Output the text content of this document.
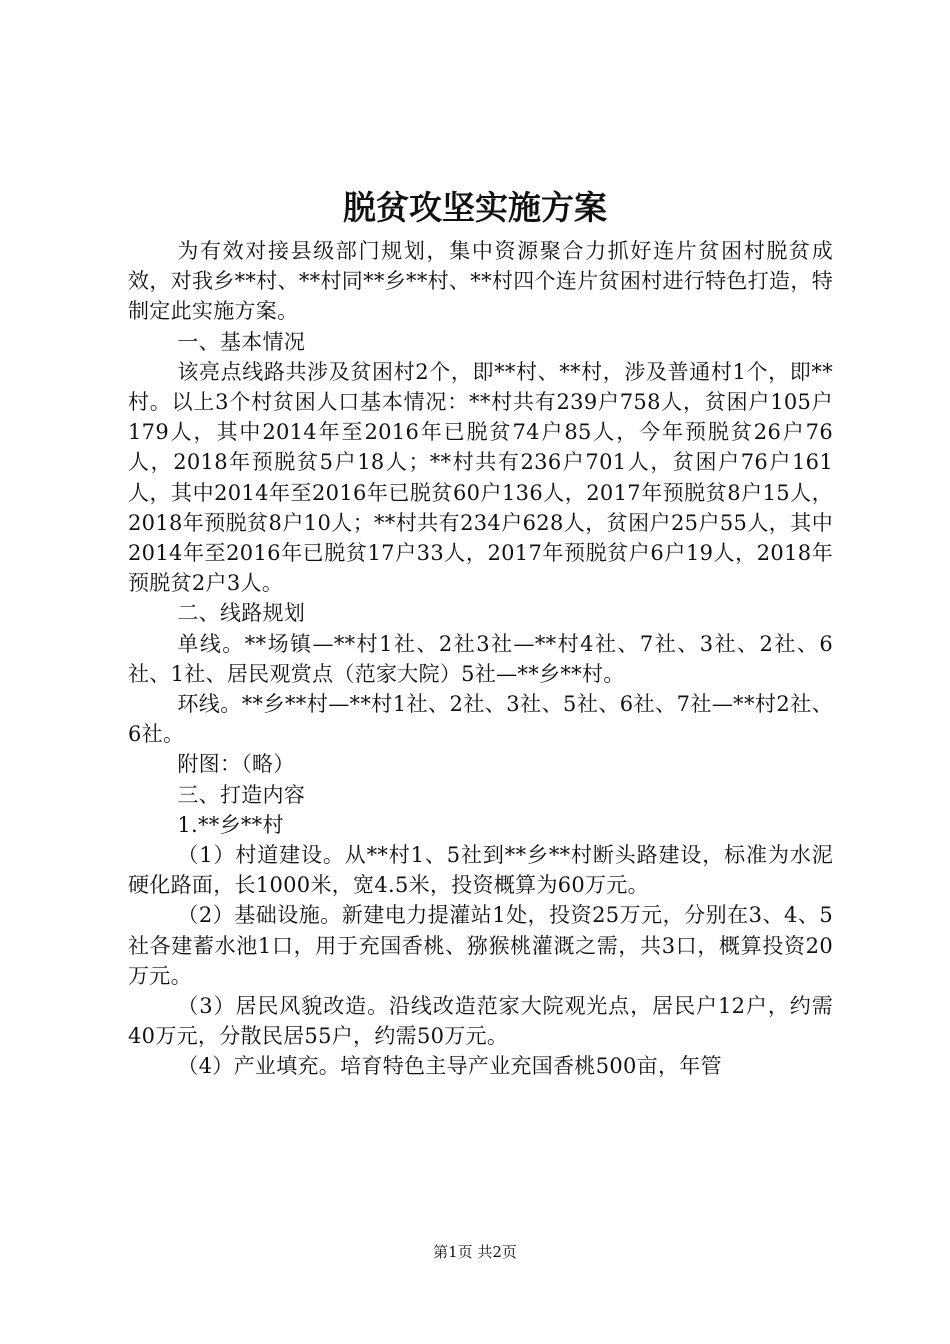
脱贫攻坚实施方案

为有效对接县级部门规划，集中资源聚合力抓好连片贫困村脱贫成效，对我乡**村、**村同**乡**村、**村四个连片贫困村进行特色打造，特制定此实施方案。

一、基本情况

该亮点线路共涉及贫困村2个，即**村、**村，涉及普通村1个，即**村。以上3个村贫困人口基本情况：**村共有239户758人，贫困户105户179人，其中2014年至2016年已脱贫74户85人，今年预脱贫26户76人，2018年预脱贫5户18人；**村共有236户701人，贫困户76户161人，其中2014年至2016年已脱贫60户136人，2017年预脱贫8户15人，2018年预脱贫8户10人；**村共有234户628人，贫困户25户55人，其中2014年至2016年已脱贫17户33人，2017年预脱贫户6户19人，2018年预脱贫2户3人。

二、线路规划

单线。**场镇—**村1社、2社3社—**村4社、7社、3社、2社、6社、1社、居民观赏点（范家大院）5社—**乡**村。

环线。**乡**村—**村1社、2社、3社、5社、6社、7社—**村2社、6社。

附图：（略）

三、打造内容

1.**乡**村

（1）村道建设。从**村1、5社到**乡**村断头路建设，标准为水泥硬化路面，长1000米，宽4.5米，投资概算为60万元。

（2）基础设施。新建电力提灌站1处，投资25万元，分别在3、4、5社各建蓄水池1口，用于充国香桃、猕猴桃灌溉之需，共3口，概算投资20万元。

（3）居民风貌改造。沿线改造范家大院观光点，居民户12户，约需40万元，分散民居55户，约需50万元。

（4）产业填充。培育特色主导产业充国香桃500亩，年管

第1页 共2页
